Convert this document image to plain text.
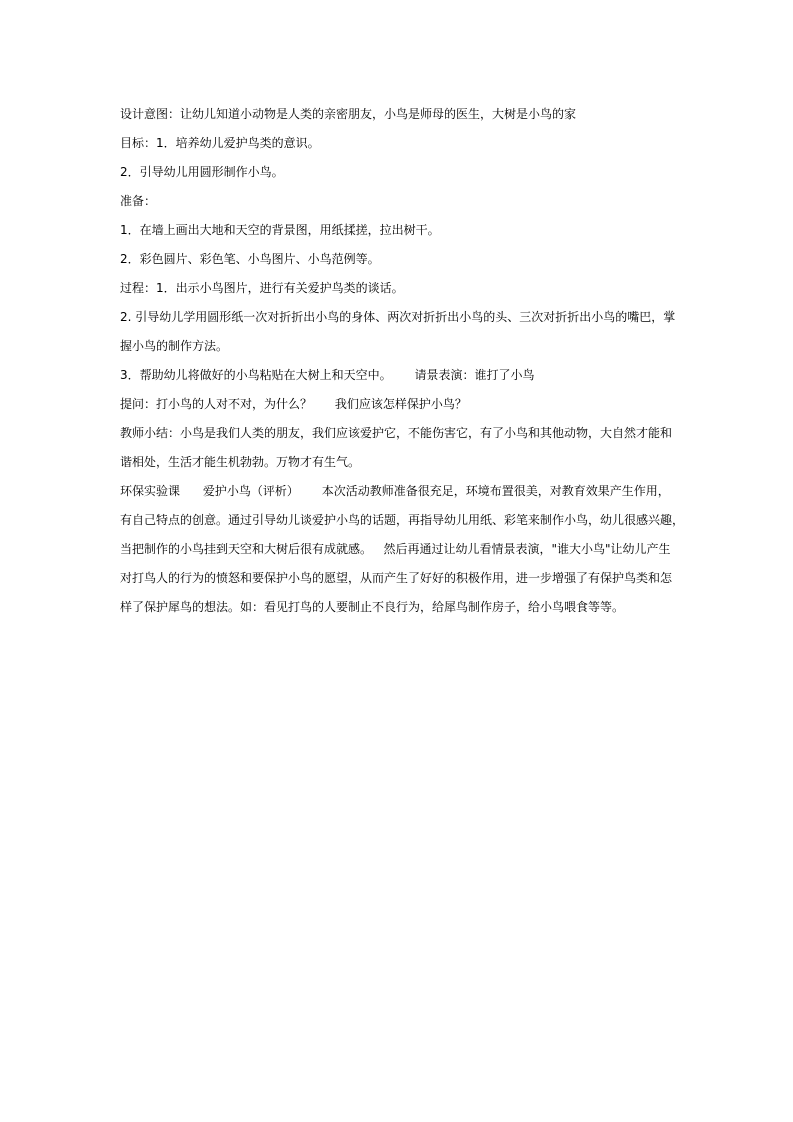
设计意图：让幼儿知道小动物是人类的亲密朋友，小鸟是师母的医生，大树是小鸟的家

目标：1．培养幼儿爱护鸟类的意识。

2．引导幼儿用圆形制作小鸟。

准备：

1．在墙上画出大地和天空的背景图，用纸揉搓，拉出树干。

2．彩色圆片、彩色笔、小鸟图片、小鸟范例等。

过程：1．出示小鸟图片，进行有关爱护鸟类的谈话。

2. 引导幼儿学用圆形纸一次对折折出小鸟的身体、两次对折折出小鸟的头、三次对折折出小鸟的嘴巴，掌

握小鸟的制作方法。

3．帮助幼儿将做好的小鸟粘贴在大树上和天空中。      请景表演：谁打了小鸟

提问：打小鸟的人对不对，为什么？      我们应该怎样保护小鸟？

教师小结：小鸟是我们人类的朋友，我们应该爱护它，不能伤害它，有了小鸟和其他动物，大自然才能和

谐相处，生活才能生机勃勃。万物才有生气。

环保实验课      爱护小鸟（评析）      本次活动教师准备很充足，环境布置很美，对教育效果产生作用，

有自己特点的创意。通过引导幼儿谈爱护小鸟的话题，再指导幼儿用纸、彩笔来制作小鸟，幼儿很感兴趣，

当把制作的小鸟挂到天空和大树后很有成就感。   然后再通过让幼儿看情景表演，"谁大小鸟"让幼儿产生

对打鸟人的行为的愤怒和要保护小鸟的愿望，从而产生了好好的积极作用，进一步增强了有保护鸟类和怎

样了保护犀鸟的想法。如：看见打鸟的人要制止不良行为，给犀鸟制作房子，给小鸟喂食等等。
